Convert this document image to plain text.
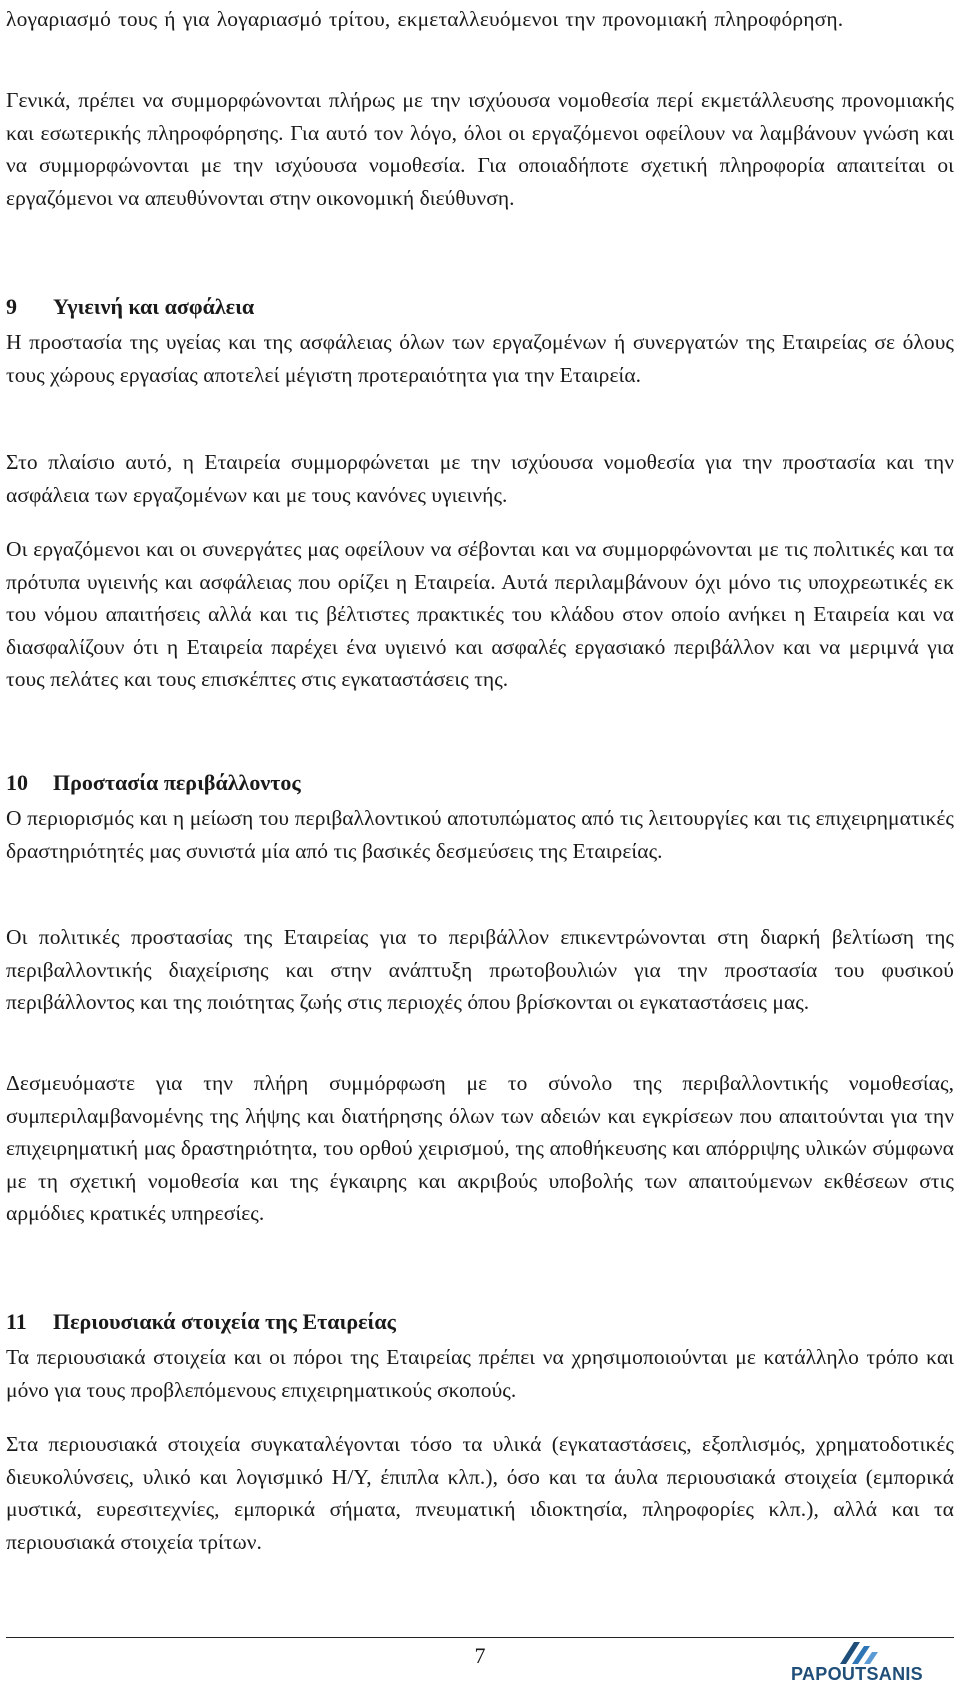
λογαριασμό τους ή για λογαριασμό τρίτου, εκμεταλλευόμενοι την προνομιακή πληροφόρηση.

Γενικά, πρέπει να συμμορφώνονται πλήρως με την ισχύουσα νομοθεσία περί εκμετάλλευσης προνομιακής και εσωτερικής πληροφόρησης. Για αυτό τον λόγο, όλοι οι εργαζόμενοι οφείλουν να λαμβάνουν γνώση και να συμμορφώνονται με την ισχύουσα νομοθεσία. Για οποιαδήποτε σχετική πληροφορία απαιτείται οι εργαζόμενοι να απευθύνονται στην οικονομική διεύθυνση.

9	Υγιεινή και ασφάλεια

Η προστασία της υγείας και της ασφάλειας όλων των εργαζομένων ή συνεργατών της Εταιρείας σε όλους τους χώρους εργασίας αποτελεί μέγιστη προτεραιότητα για την Εταιρεία.

Στο πλαίσιο αυτό, η Εταιρεία συμμορφώνεται με την ισχύουσα νομοθεσία για την προστασία και την ασφάλεια των εργαζομένων και με τους κανόνες υγιεινής.

Οι εργαζόμενοι και οι συνεργάτες μας οφείλουν να σέβονται και να συμμορφώνονται με τις πολιτικές και τα πρότυπα υγιεινής και ασφάλειας που ορίζει η Εταιρεία. Αυτά περιλαμβάνουν όχι μόνο τις υποχρεωτικές εκ του νόμου απαιτήσεις αλλά και τις βέλτιστες πρακτικές του κλάδου στον οποίο ανήκει η Εταιρεία και να διασφαλίζουν ότι η Εταιρεία παρέχει ένα υγιεινό και ασφαλές εργασιακό περιβάλλον και να μεριμνά για τους πελάτες και τους επισκέπτες στις εγκαταστάσεις της.

10	Προστασία περιβάλλοντος

Ο περιορισμός και η μείωση του περιβαλλοντικού αποτυπώματος από τις λειτουργίες και τις επιχειρηματικές δραστηριότητές μας συνιστά μία από τις βασικές δεσμεύσεις της Εταιρείας.

Οι πολιτικές προστασίας της Εταιρείας για το περιβάλλον επικεντρώνονται στη διαρκή βελτίωση της περιβαλλοντικής διαχείρισης και στην ανάπτυξη πρωτοβουλιών για την προστασία του φυσικού περιβάλλοντος και της ποιότητας ζωής στις περιοχές όπου βρίσκονται οι εγκαταστάσεις μας.

Δεσμευόμαστε για την πλήρη συμμόρφωση με το σύνολο της περιβαλλοντικής νομοθεσίας, συμπεριλαμβανομένης της λήψης και διατήρησης όλων των αδειών και εγκρίσεων που απαιτούνται για την επιχειρηματική μας δραστηριότητα, του ορθού χειρισμού, της αποθήκευσης και απόρριψης υλικών σύμφωνα με τη σχετική νομοθεσία και της έγκαιρης και ακριβούς υποβολής των απαιτούμενων εκθέσεων στις αρμόδιες κρατικές υπηρεσίες.

11	Περιουσιακά στοιχεία της Εταιρείας

Τα περιουσιακά στοιχεία και οι πόροι της Εταιρείας πρέπει να χρησιμοποιούνται με κατάλληλο τρόπο και μόνο για τους προβλεπόμενους επιχειρηματικούς σκοπούς.

Στα περιουσιακά στοιχεία συγκαταλέγονται τόσο τα υλικά (εγκαταστάσεις, εξοπλισμός, χρηματοδοτικές διευκολύνσεις, υλικό και λογισμικό Η/Υ, έπιπλα κλπ.), όσο και τα άυλα περιουσιακά στοιχεία (εμπορικά μυστικά, ευρεσιτεχνίες, εμπορικά σήματα, πνευματική ιδιοκτησία, πληροφορίες κλπ.), αλλά και τα περιουσιακά στοιχεία τρίτων.

7
PAPOUTSANIS
